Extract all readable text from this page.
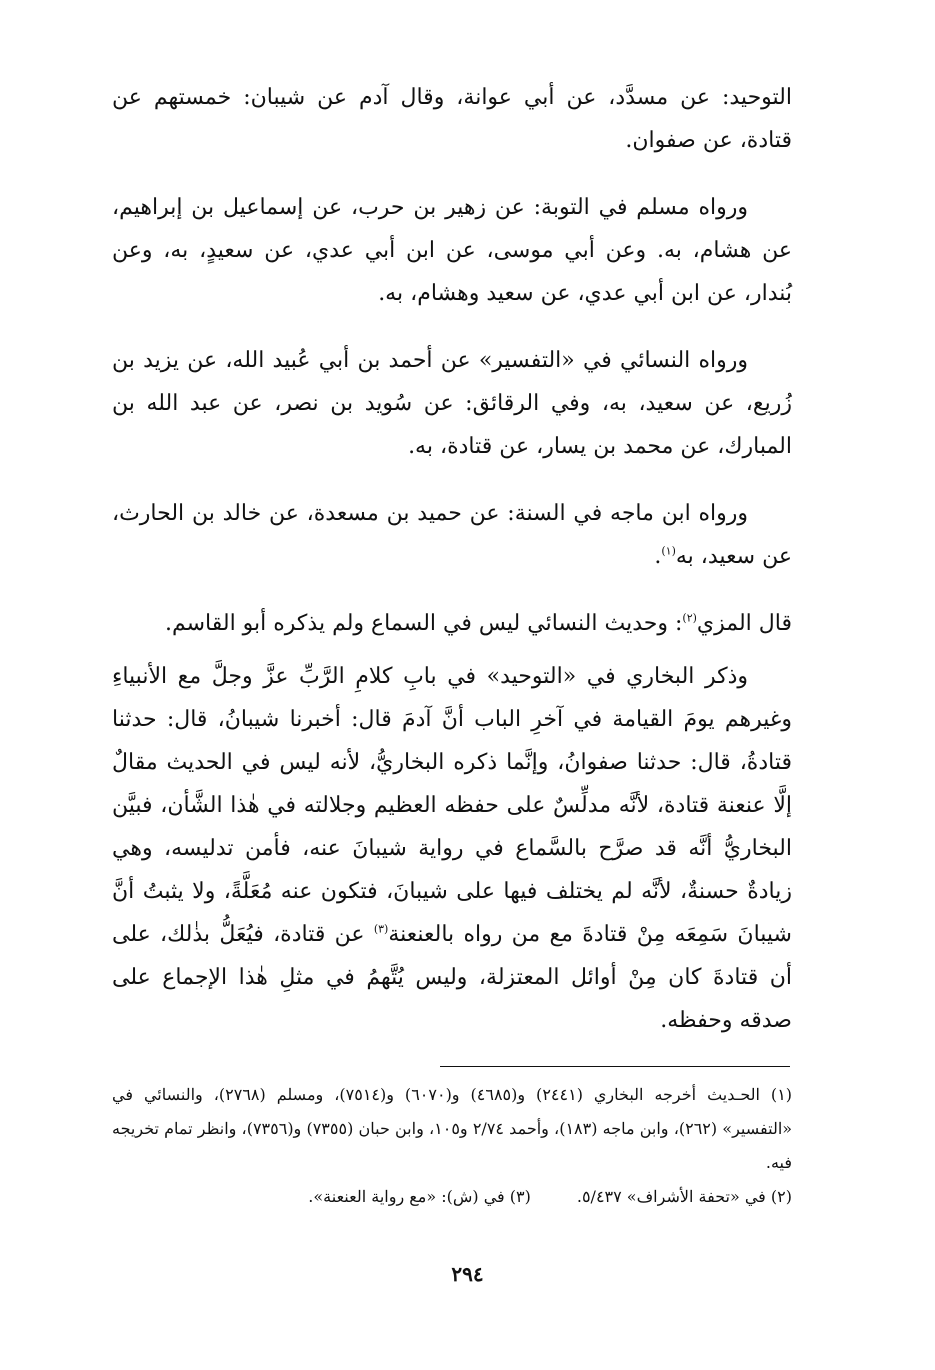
التوحيد: عن مسدَّد، عن أبي عوانة، وقال آدم عن شيبان: خمستهم عن قتادة، عن صفوان.

ورواه مسلم في التوبة: عن زهير بن حرب، عن إسماعيل بن إبراهيم، عن هشام، به. وعن أبي موسى، عن ابن أبي عدي، عن سعيدٍ، به، وعن بُندار، عن ابن أبي عدي، عن سعيد وهشام، به.

ورواه النسائي في «التفسير» عن أحمد بن أبي عُبيد الله، عن يزيد بن زُريع، عن سعيد، به، وفي الرقائق: عن سُويد بن نصر، عن عبد الله بن المبارك، عن محمد بن يسار، عن قتادة، به.

ورواه ابن ماجه في السنة: عن حميد بن مسعدة، عن خالد بن الحارث، عن سعيد، به$^{(١)}$.

قال المزي$^{(٢)}$: وحديث النسائي ليس في السماع ولم يذكره أبو القاسم.

وذكر البخاري في «التوحيد» في بابِ كلامِ الرَّبِّ عزَّ وجلَّ مع الأنبياءِ وغيرهم يومَ القيامة في آخرِ الباب أنَّ آدمَ قال: أخبرنا شيبانُ، قال: حدثنا قتادةُ، قال: حدثنا صفوانُ، وإنَّما ذكره البخاريُّ، لأنه ليس في الحديث مقالٌ إلَّا عنعنة قتادة، لأنَّه مدلِّسٌ على حفظه العظيم وجلالته في هٰذا الشَّأن، فبيَّن البخاريُّ أنَّه قد صرَّح بالسَّماع في رواية شيبانَ عنه، فأمن تدليسه، وهي زيادةٌ حسنةٌ، لأنَّه لم يختلف فيها على شيبانَ، فتكون عنه مُعَلَّةً، ولا يثبتُ أنَّ شيبانَ سَمِعَه مِنْ قتادةَ مع من رواه بالعنعنة$^{(٣)}$ عن قتادة، فيُعَلُّ بذٰلك، على أن قتادةَ كان مِنْ أوائل المعتزلة، وليس يُتَّهمُ في مثلِ هٰذا الإجماع على صدقه وحفظه.

(١) الحـديث أخرجه البخاري (٢٤٤١) و(٤٦٨٥) و(٦٠٧٠) و(٧٥١٤)، ومسلم (٢٧٦٨)، والنسائي في «التفسير» (٢٦٢)، وابن ماجه (١٨٣)، وأحمد ٢/٧٤ و١٠٥، وابن حبان (٧٣٥٥) و(٧٣٥٦)، وانظر تمام تخريجه فيه.

(٢) في «تحفة الأشراف» ٥/٤٣٧.
(٣) في (ش): «مع رواية العنعنة».
٢٩٤
